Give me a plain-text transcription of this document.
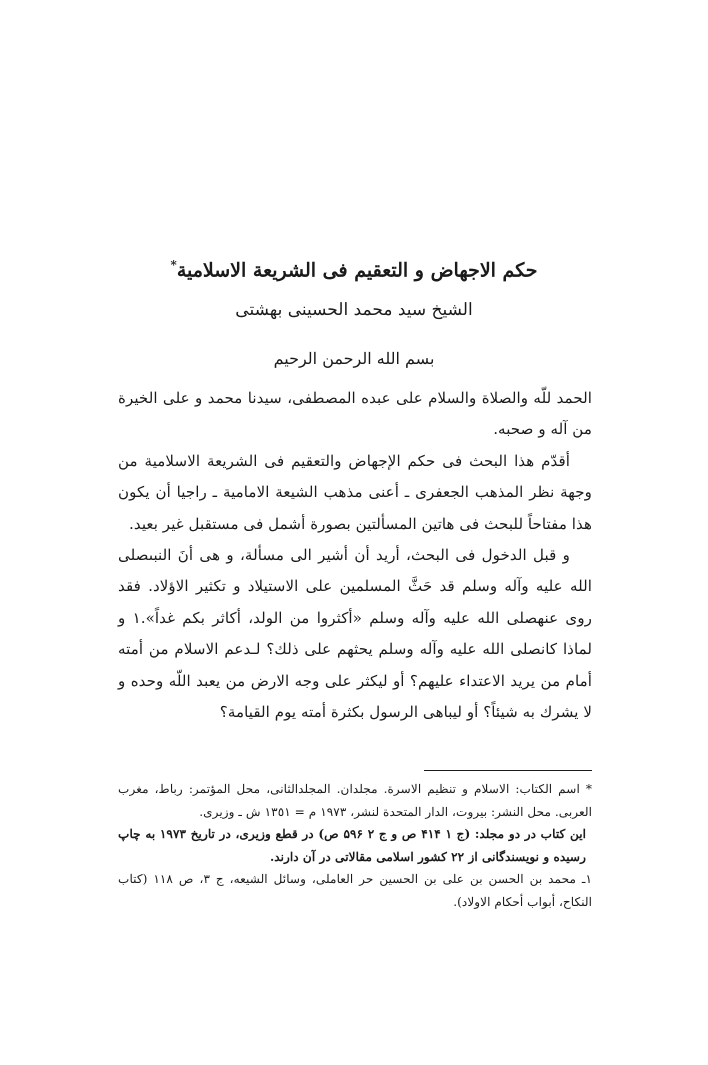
حكم الاجهاض و التعقيم فى الشريعة الاسلامية*
الشيخ سيد محمد الحسينى بهشتى
بسم الله الرحمن الرحيم

الحمد للّه والصلاة والسلام على عبده المصطفى، سيدنا محمد و على الخيرة من آله و صحبه.

أقدّم هذا البحث فى حكم الإجهاض والتعقيم فى الشريعة الاسلامية من وجهة نظر المذهب الجعفرى ـ أعنى مذهب الشيعة الامامية ـ راجيا أن يكون هذا مفتاحاً للبحث فى هاتين المسألتين بصورة أشمل فى مستقبل غير بعيد.

و قبل الدخول فى البحث، أريد أن أشير الى مسألة، و هى أنَ النبىصلى الله عليه وآله وسلم قد حَثَّ المسلمين على الاستيلاد و تكثير الاؤلاد. فقد روى عنهصلى الله عليه وآله وسلم «أكثروا من الولد، أكاثر بكم غداً».١ و لماذا كانصلى الله عليه وآله وسلم يحثهم على ذلك؟ لـدعم الاسلام من أمته أمام من يريد الاعتداء عليهم؟ أو ليكثر على وجه الارض من يعبد اللّه وحده و لا يشرك به شيئاً؟ أو ليباهى الرسول بكثرة أمته يوم القيامة؟

* اسم الكتاب: الاسلام و تنظيم الاسرة. مجلدان. المجلدالثانى، محل المؤتمر: رباط، مغرب العربى. محل النشر: بيروت، الدار المتحدة لنشر، ١٩٧٣ م = ١٣٥١ ش ـ وزيرى.

اين كتاب در دو مجلد: (ج ١ ۴١۴ ص و ج ٢ ۵٩۶ ص) در قطع وزيرى، در تاريخ ١٩٧٣ به چاپ رسيده و نويسندگانى از ٢٢ كشور اسلامى مقالاتى در آن دارند.

١ـ محمد بن الحسن بن على بن الحسين حر العاملى، وسائل الشيعه، ج ٣، ص ١١٨ (كتاب النكاح، أبواب أحكام الاولاد).
